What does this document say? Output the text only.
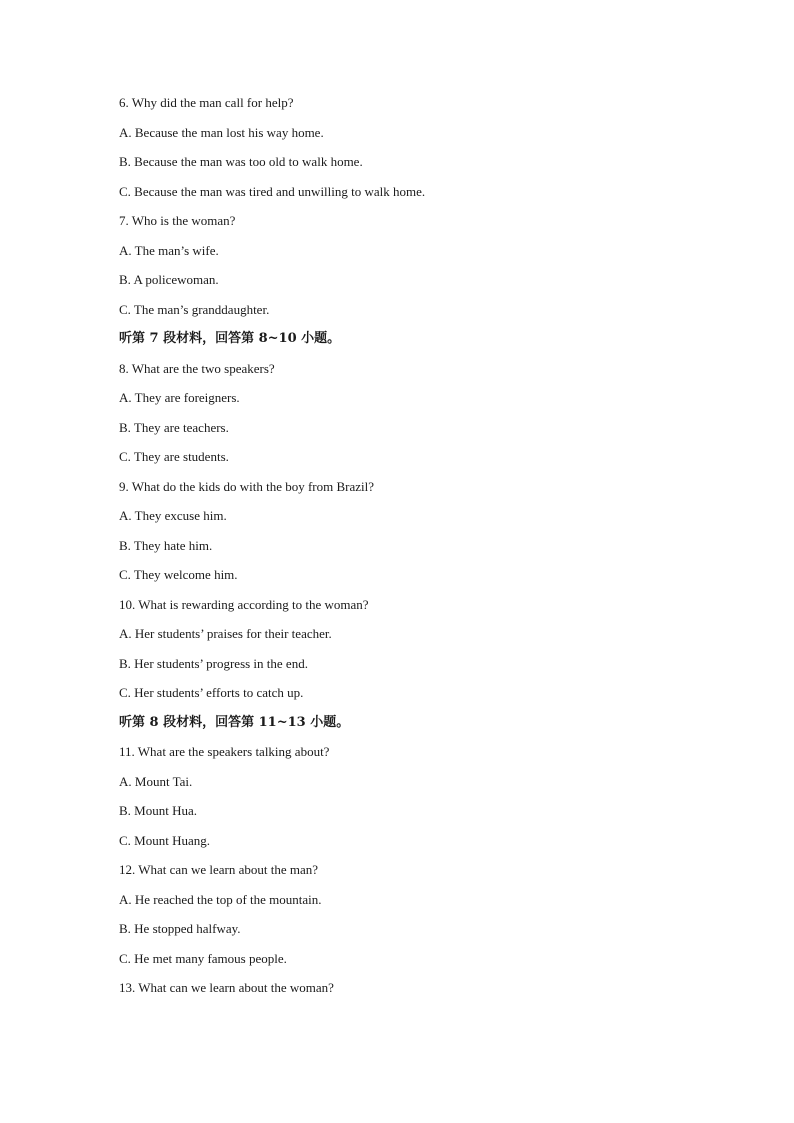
6. Why did the man call for help?
A. Because the man lost his way home.
B. Because the man was too old to walk home.
C. Because the man was tired and unwilling to walk home.
7. Who is the woman?
A. The man’s wife.
B. A policewoman.
C. The man’s granddaughter.
听第 7 段材料，回答第 8~10 小题。
8. What are the two speakers?
A. They are foreigners.
B. They are teachers.
C. They are students.
9. What do the kids do with the boy from Brazil?
A. They excuse him.
B. They hate him.
C. They welcome him.
10. What is rewarding according to the woman?
A. Her students’ praises for their teacher.
B. Her students’ progress in the end.
C. Her students’ efforts to catch up.
听第 8 段材料，回答第 11~13 小题。
11. What are the speakers talking about?
A. Mount Tai.
B. Mount Hua.
C. Mount Huang.
12. What can we learn about the man?
A. He reached the top of the mountain.
B. He stopped halfway.
C. He met many famous people.
13. What can we learn about the woman?
